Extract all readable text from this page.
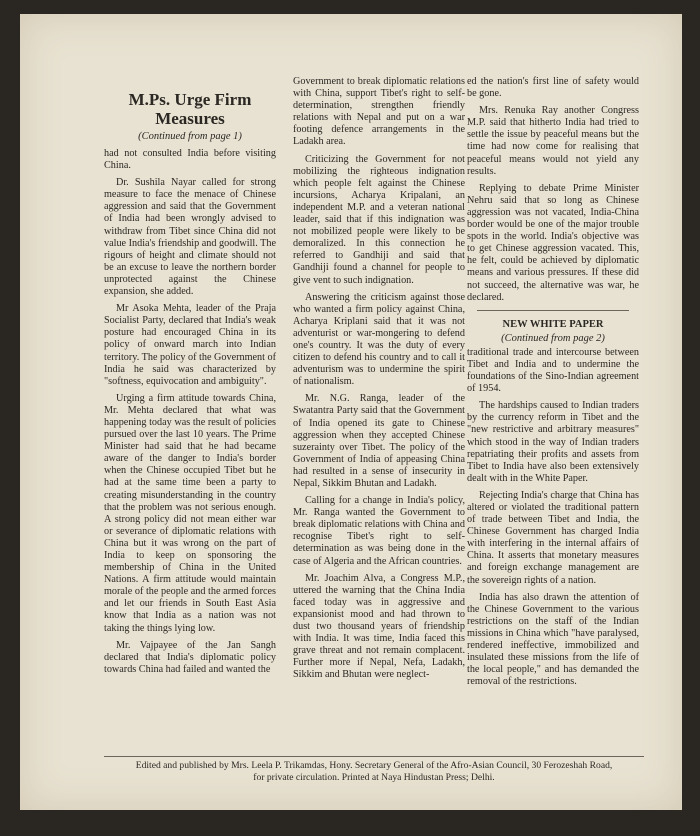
M.Ps. Urge Firm Measures
(Continued from page 1)

had not consulted India before visiting China.

Dr. Sushila Nayar called for strong measure to face the menace of Chinese aggression and said that the Government of India had been wrongly advised to withdraw from Tibet since China did not value India's friendship and goodwill. The rigours of height and climate should not be an excuse to leave the northern border unprotected against the Chinese expansion, she added.

Mr Asoka Mehta, leader of the Praja Socialist Party, declared that India's weak posture had encouraged China in its policy of onward march into Indian territory. The policy of the Government of India he said was characterized by "softness, equivocation and ambiguity".

Urging a firm attitude towards China, Mr. Mehta declared that what was happening today was the result of policies pursued over the last 10 years. The Prime Minister had said that he had became aware of the danger to India's border when the Chinese occupied Tibet but he had at the same time been a party to creating misunderstanding in the country that the problem was not serious enough. A strong policy did not mean either war or severance of diplomatic relations with China but it was wrong on the part of India to keep on sponsoring the membership of China in the United Nations. A firm attitude would maintain morale of the people and the armed forces and let our friends in South East Asia know that India as a nation was not taking the things lying low.

Mr. Vajpayee of the Jan Sangh declared that India's diplomatic policy towards China had failed and wanted the

Government to break diplomatic relations with China, support Tibet's right to self-determination, strengthen friendly relations with Nepal and put on a war footing defence arrangements in the Ladakh area.

Criticizing the Government for not mobilizing the righteous indignation which people felt against the Chinese incursions, Acharya Kripalani, an independent M.P. and a veteran national leader, said that if this indignation was not mobilized people were likely to be demoralized. In this connection he referred to Gandhiji and said that Gandhiji found a channel for people to give vent to such indignation.

Answering the criticism against those who wanted a firm policy against China, Acharya Kriplani said that it was not adventurist or war-mongering to defend one's country. It was the duty of every citizen to defend his country and to call it adventurism was to undermine the spirit of nationalism.

Mr. N.G. Ranga, leader of the Swatantra Party said that the Government of India opened its gate to Chinese aggression when they accepted Chinese suzerainty over Tibet. The policy of the Government of India of appeasing China had resulted in a sense of insecurity in Nepal, Sikkim Bhutan and Ladakh.

Calling for a change in India's policy, Mr. Ranga wanted the Government to break diplomatic relations with China and recognise Tibet's right to self-determination as was being done in the case of Algeria and the African countries.

Mr. Joachim Alva, a Congress M.P., uttered the warning that the China India faced today was in aggressive and expansionist mood and had thrown to dust two thousand years of friendship with India. It was time, India faced this grave threat and not remain complacent. Further more if Nepal, Nefa, Ladakh, Sikkim and Bhutan were neglect-

ed the nation's first line of safety would be gone.

Mrs. Renuka Ray another Congress M.P. said that hitherto India had tried to settle the issue by peaceful means but the time had now come for realising that peaceful means would not yield any results.

Replying to debate Prime Minister Nehru said that so long as Chinese aggression was not vacated, India-China border would be one of the major trouble spots in the world. India's objective was to get Chinese aggression vacated. This, he felt, could be achieved by diplomatic means and various pressures. If these did not succeed, the alternative was war, he declared.

NEW WHITE PAPER
(Continued from page 2)

traditional trade and intercourse between Tibet and India and to undermine the foundations of the Sino-Indian agreement of 1954.

The hardships caused to Indian traders by the currency reform in Tibet and the "new restrictive and arbitrary measures" which stood in the way of Indian traders repatriating their profits and assets from Tibet to India have also been extensively dealt with in the White Paper.

Rejecting India's charge that China has altered or violated the traditional pattern of trade between Tibet and India, the Chinese Government has charged India with interfering in the internal affairs of China. It asserts that monetary measures and foreign exchange management are the sovereign rights of a nation.

India has also drawn the attention of the Chinese Government to the various restrictions on the staff of the Indian missions in China which "have paralysed, rendered ineffective, immobilized and insulated these missions from the life of the local people," and has demanded the removal of the restrictions.

Edited and published by Mrs. Leela P. Trikamdas, Hony. Secretary General of the Afro-Asian Council, 30 Ferozeshah Road,
for private circulation. Printed at Naya Hindustan Press; Delhi.
